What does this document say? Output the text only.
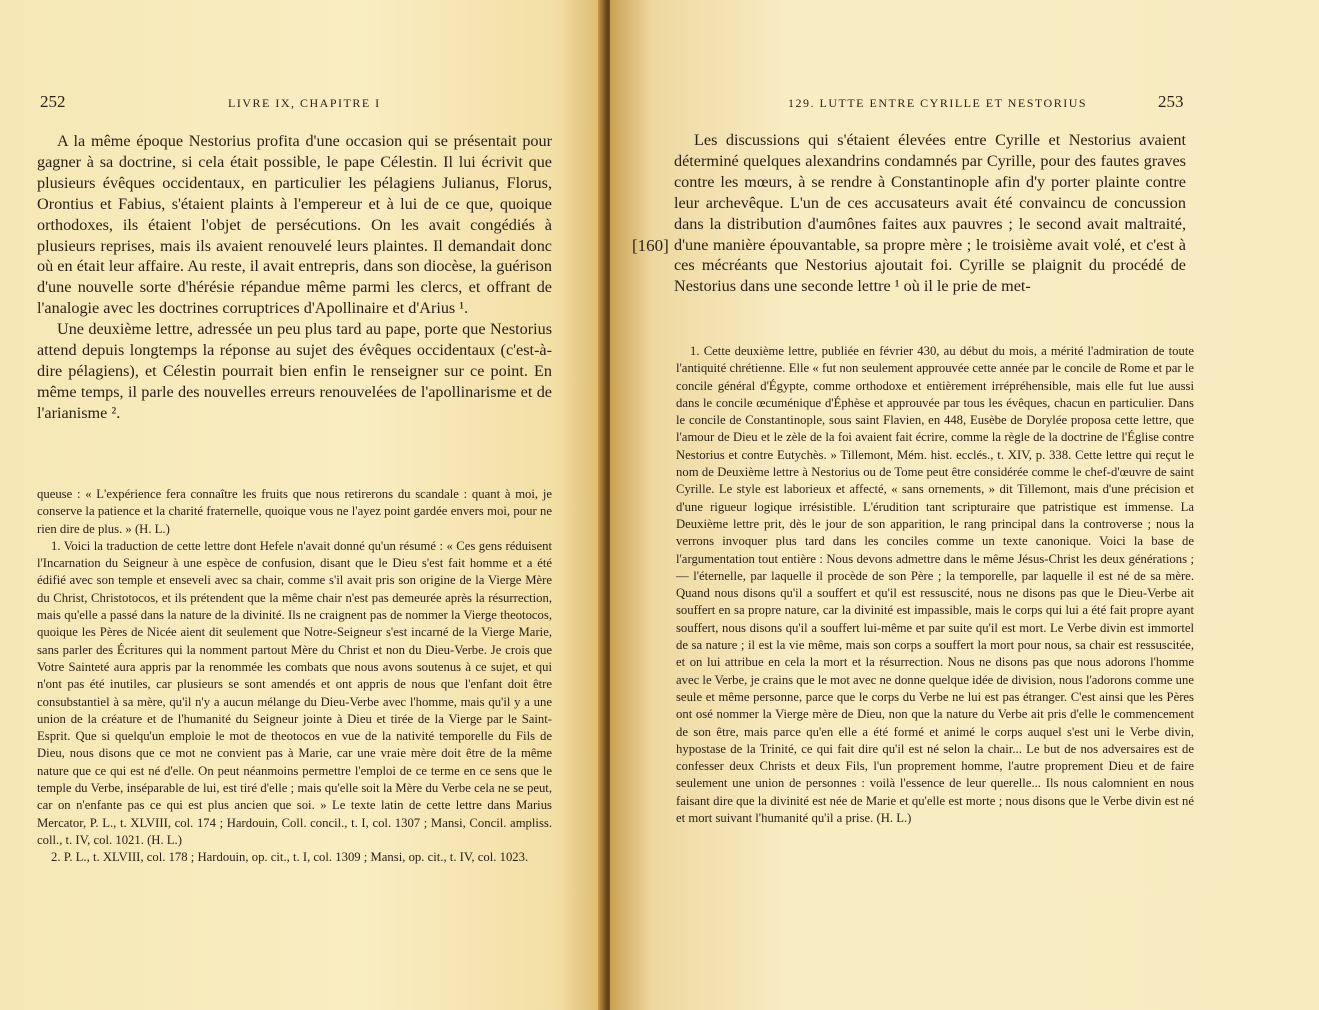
252	LIVRE IX, CHAPITRE I

A la même époque Nestorius profita d'une occasion qui se présentait pour gagner à sa doctrine, si cela était possible, le pape Célestin. Il lui écrivit que plusieurs évêques occidentaux, en particulier les pélagiens Julianus, Florus, Orontius et Fabius, s'étaient plaints à l'empereur et à lui de ce que, quoique orthodoxes, ils étaient l'objet de persécutions. On les avait congédiés à plusieurs reprises, mais ils avaient renouvelé leurs plaintes. Il demandait donc où en était leur affaire. Au reste, il avait entrepris, dans son diocèse, la guérison d'une nouvelle sorte d'hérésie répandue même parmi les clercs, et offrant de l'analogie avec les doctrines corruptrices d'Apollinaire et d'Arius ¹.

Une deuxième lettre, adressée un peu plus tard au pape, porte que Nestorius attend depuis longtemps la réponse au sujet des évêques occidentaux (c'est-à-dire pélagiens), et Célestin pourrait bien enfin le renseigner sur ce point. En même temps, il parle des nouvelles erreurs renouvelées de l'apollinarisme et de l'arianisme ².

queuse : « L'expérience fera connaître les fruits que nous retirerons du scandale : quant à moi, je conserve la patience et la charité fraternelle, quoique vous ne l'ayez point gardée envers moi, pour ne rien dire de plus. » (H. L.)

1. Voici la traduction de cette lettre dont Hefele n'avait donné qu'un résumé : « Ces gens réduisent l'Incarnation du Seigneur à une espèce de confusion, disant que le Dieu s'est fait homme et a été édifié avec son temple et enseveli avec sa chair, comme s'il avait pris son origine de la Vierge Mère du Christ, Christotocos, et ils prétendent que la même chair n'est pas demeurée après la résurrection, mais qu'elle a passé dans la nature de la divinité. Ils ne craignent pas de nommer la Vierge theotocos, quoique les Pères de Nicée aient dit seulement que Notre-Seigneur s'est incarné de la Vierge Marie, sans parler des Écritures qui la nomment partout Mère du Christ et non du Dieu-Verbe. Je crois que Votre Sainteté aura appris par la renommée les combats que nous avons soutenus à ce sujet, et qui n'ont pas été inutiles, car plusieurs se sont amendés et ont appris de nous que l'enfant doit être consubstantiel à sa mère, qu'il n'y a aucun mélange du Dieu-Verbe avec l'homme, mais qu'il y a une union de la créature et de l'humanité du Seigneur jointe à Dieu et tirée de la Vierge par le Saint-Esprit. Que si quelqu'un emploie le mot de theotocos en vue de la nativité temporelle du Fils de Dieu, nous disons que ce mot ne convient pas à Marie, car une vraie mère doit être de la même nature que ce qui est né d'elle. On peut néanmoins permettre l'emploi de ce terme en ce sens que le temple du Verbe, inséparable de lui, est tiré d'elle ; mais qu'elle soit la Mère du Verbe cela ne se peut, car on n'enfante pas ce qui est plus ancien que soi. » Le texte latin de cette lettre dans Marius Mercator, P. L., t. XLVIII, col. 174 ; Hardouin, Coll. concil., t. I, col. 1307 ; Mansi, Concil. ampliss. coll., t. IV, col. 1021. (H. L.)

2. P. L., t. XLVIII, col. 178 ; Hardouin, op. cit., t. I, col. 1309 ; Mansi, op. cit., t. IV, col. 1023.

129. LUTTE ENTRE CYRILLE ET NESTORIUS	253
[160]

Les discussions qui s'étaient élevées entre Cyrille et Nestorius avaient déterminé quelques alexandrins condamnés par Cyrille, pour des fautes graves contre les mœurs, à se rendre à Constantinople afin d'y porter plainte contre leur archevêque. L'un de ces accusateurs avait été convaincu de concussion dans la distribution d'aumônes faites aux pauvres ; le second avait maltraité, d'une manière épouvantable, sa propre mère ; le troisième avait volé, et c'est à ces mécréants que Nestorius ajoutait foi. Cyrille se plaignit du procédé de Nestorius dans une seconde lettre ¹ où il le prie de met-

1. Cette deuxième lettre, publiée en février 430, au début du mois, a mérité l'admiration de toute l'antiquité chrétienne. Elle « fut non seulement approuvée cette année par le concile de Rome et par le concile général d'Égypte, comme orthodoxe et entièrement irrépréhensible, mais elle fut lue aussi dans le concile œcuménique d'Éphèse et approuvée par tous les évêques, chacun en particulier. Dans le concile de Constantinople, sous saint Flavien, en 448, Eusèbe de Dorylée proposa cette lettre, que l'amour de Dieu et le zèle de la foi avaient fait écrire, comme la règle de la doctrine de l'Église contre Nestorius et contre Eutychès. » Tillemont, Mém. hist. ecclés., t. XIV, p. 338. Cette lettre qui reçut le nom de Deuxième lettre à Nestorius ou de Tome peut être considérée comme le chef-d'œuvre de saint Cyrille. Le style est laborieux et affecté, « sans ornements, » dit Tillemont, mais d'une précision et d'une rigueur logique irrésistible. L'érudition tant scripturaire que patristique est immense. La Deuxième lettre prit, dès le jour de son apparition, le rang principal dans la controverse ; nous la verrons invoquer plus tard dans les conciles comme un texte canonique. Voici la base de l'argumentation tout entière : Nous devons admettre dans le même Jésus-Christ les deux générations ; — l'éternelle, par laquelle il procède de son Père ; la temporelle, par laquelle il est né de sa mère. Quand nous disons qu'il a souffert et qu'il est ressuscité, nous ne disons pas que le Dieu-Verbe ait souffert en sa propre nature, car la divinité est impassible, mais le corps qui lui a été fait propre ayant souffert, nous disons qu'il a souffert lui-même et par suite qu'il est mort. Le Verbe divin est immortel de sa nature ; il est la vie même, mais son corps a souffert la mort pour nous, sa chair est ressuscitée, et on lui attribue en cela la mort et la résurrection. Nous ne disons pas que nous adorons l'homme avec le Verbe, je crains que le mot avec ne donne quelque idée de division, nous l'adorons comme une seule et même personne, parce que le corps du Verbe ne lui est pas étranger. C'est ainsi que les Pères ont osé nommer la Vierge mère de Dieu, non que la nature du Verbe ait pris d'elle le commencement de son être, mais parce qu'en elle a été formé et animé le corps auquel s'est uni le Verbe divin, hypostase de la Trinité, ce qui fait dire qu'il est né selon la chair... Le but de nos adversaires est de confesser deux Christs et deux Fils, l'un proprement homme, l'autre proprement Dieu et de faire seulement une union de personnes : voilà l'essence de leur querelle... Ils nous calomnient en nous faisant dire que la divinité est née de Marie et qu'elle est morte ; nous disons que le Verbe divin est né et mort suivant l'humanité qu'il a prise. (H. L.)
